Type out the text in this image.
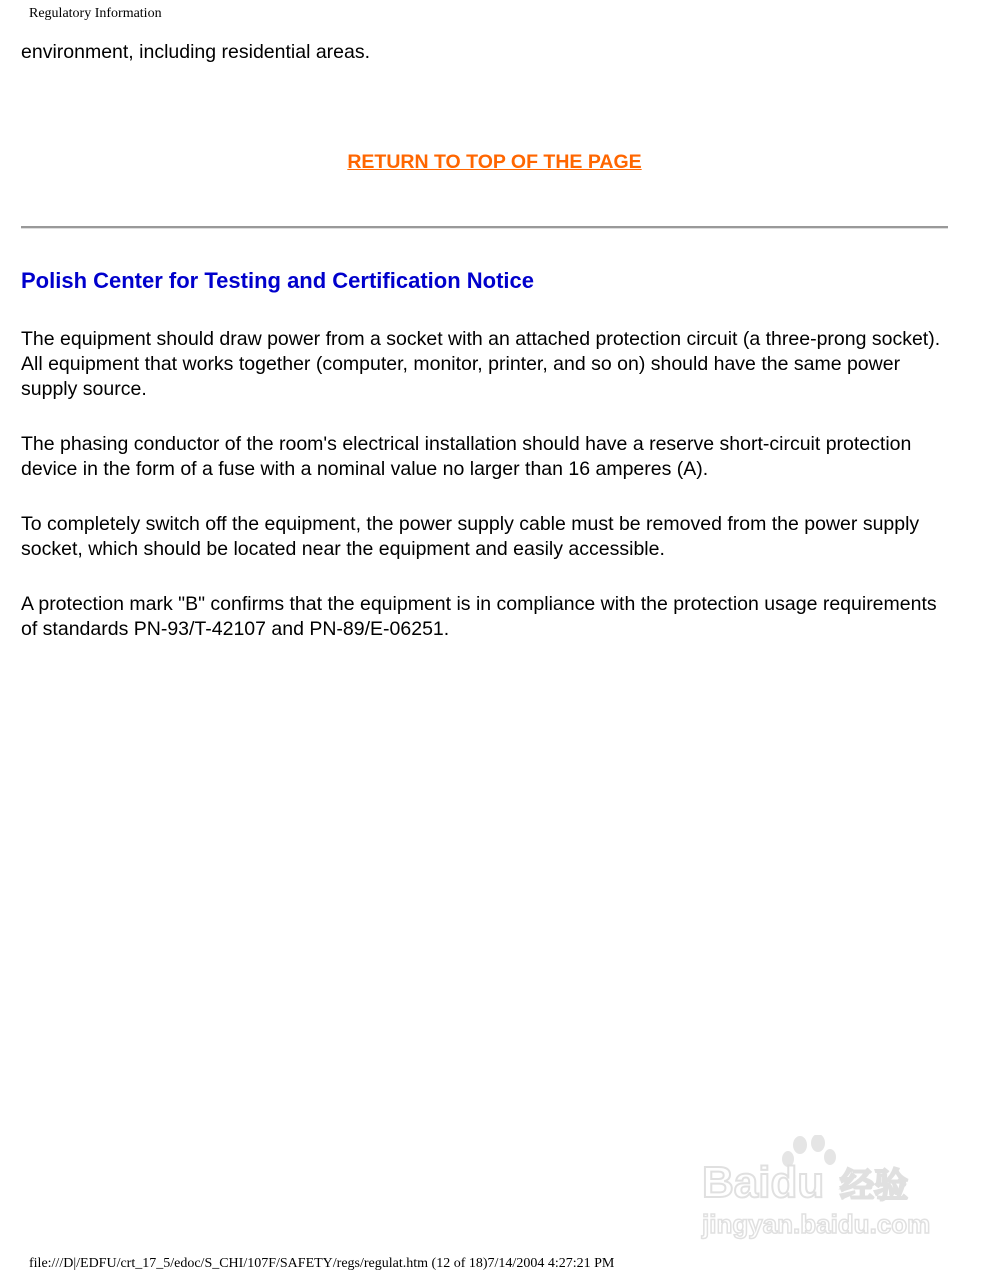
Regulatory Information

environment, including residential areas.

RETURN TO TOP OF THE PAGE
Polish Center for Testing and Certification Notice

The equipment should draw power from a socket with an attached protection circuit (a three-prong socket). All equipment that works together (computer, monitor, printer, and so on) should have the same power supply source.

The phasing conductor of the room's electrical installation should have a reserve short-circuit protection device in the form of a fuse with a nominal value no larger than 16 amperes (A).

To completely switch off the equipment, the power supply cable must be removed from the power supply socket, which should be located near the equipment and easily accessible.

A protection mark "B" confirms that the equipment is in compliance with the protection usage requirements of standards PN-93/T-42107 and PN-89/E-06251.

Baidu 经验
jingyan.baidu.com
file:///D|/EDFU/crt_17_5/edoc/S_CHI/107F/SAFETY/regs/regulat.htm (12 of 18)7/14/2004 4:27:21 PM
